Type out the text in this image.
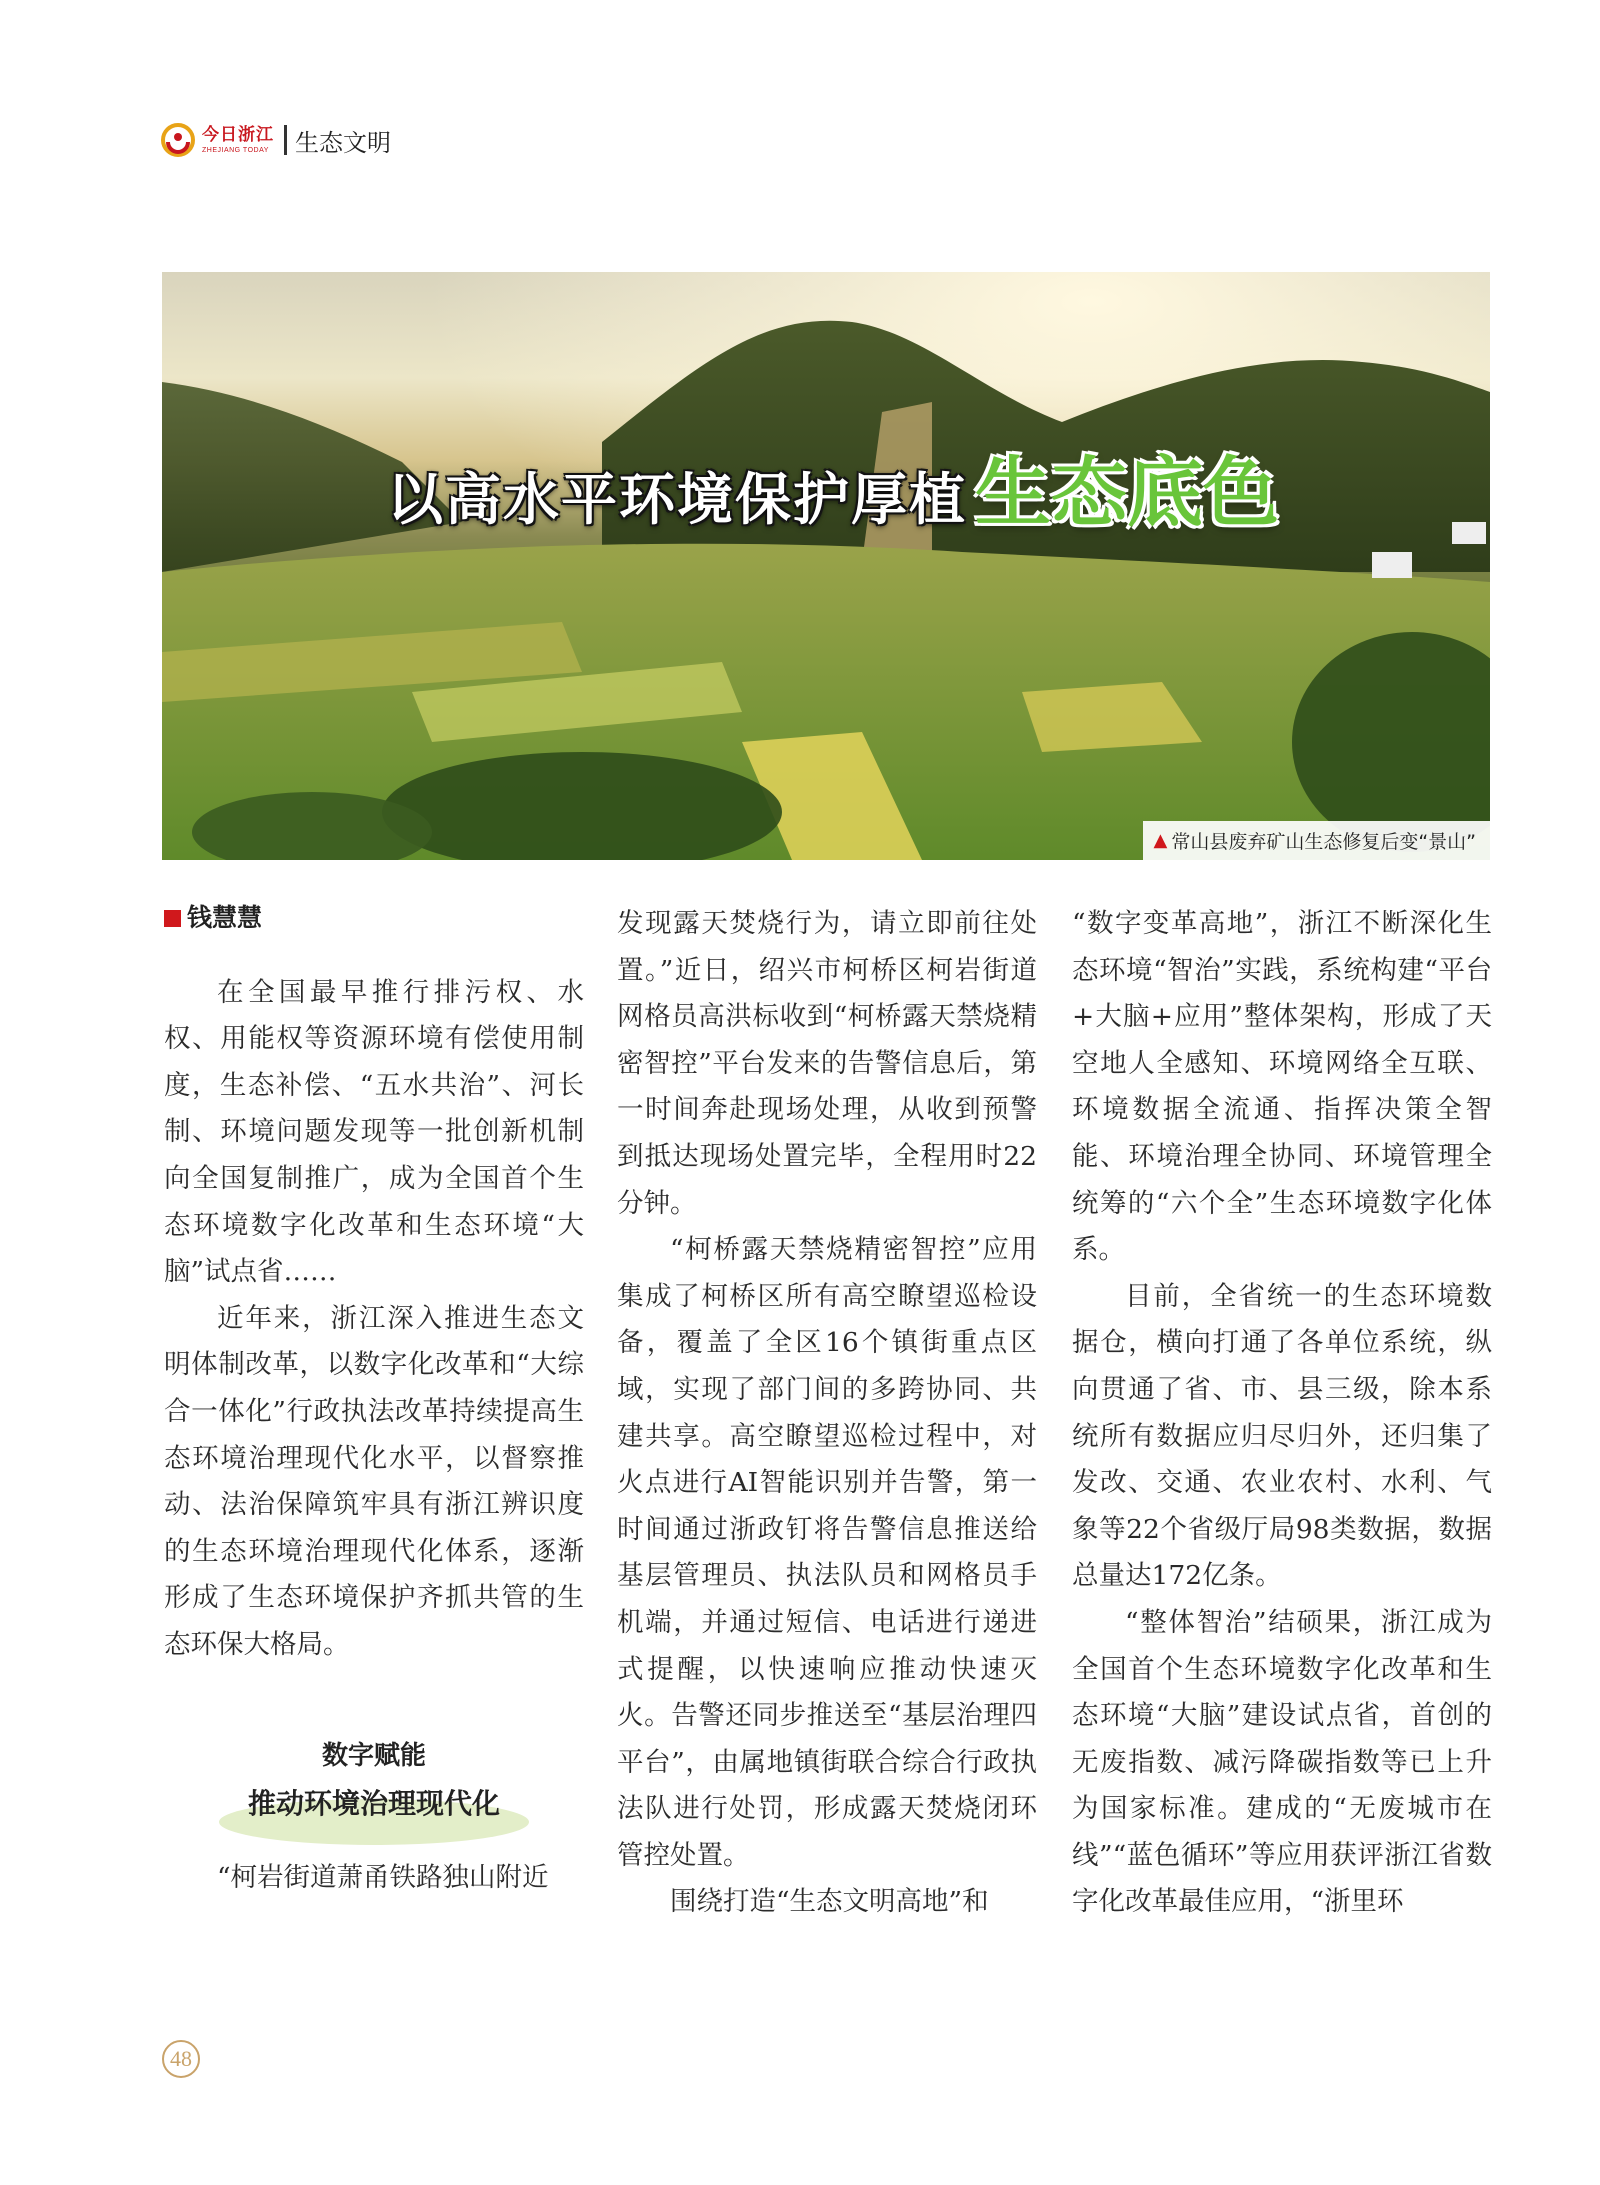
今日浙江
ZHEJIANG TODAY 生态文明
以高水平环境保护厚植 生态底色
▲ 常山县废弃矿山生态修复后变“景山”
钱慧慧

在全国最早推行排污权、水权、用能权等资源环境有偿使用制度，生态补偿、“五水共治”、河长制、环境问题发现等一批创新机制向全国复制推广，成为全国首个生态环境数字化改革和生态环境“大脑”试点省……

近年来，浙江深入推进生态文明体制改革，以数字化改革和“大综合一体化”行政执法改革持续提高生态环境治理现代化水平，以督察推动、法治保障筑牢具有浙江辨识度的生态环境治理现代化体系，逐渐形成了生态环境保护齐抓共管的生态环保大格局。

数字赋能
推动环境治理现代化

“柯岩街道萧甬铁路独山附近

发现露天焚烧行为，请立即前往处置。”近日，绍兴市柯桥区柯岩街道网格员高洪标收到“柯桥露天禁烧精密智控”平台发来的告警信息后，第一时间奔赴现场处理，从收到预警到抵达现场处置完毕，全程用时22分钟。

“柯桥露天禁烧精密智控”应用集成了柯桥区所有高空瞭望巡检设备，覆盖了全区16个镇街重点区域，实现了部门间的多跨协同、共建共享。高空瞭望巡检过程中，对火点进行AI智能识别并告警，第一时间通过浙政钉将告警信息推送给基层管理员、执法队员和网格员手机端，并通过短信、电话进行递进式提醒，以快速响应推动快速灭火。告警还同步推送至“基层治理四平台”，由属地镇街联合综合行政执法队进行处罚，形成露天焚烧闭环管控处置。

围绕打造“生态文明高地”和

“数字变革高地”，浙江不断深化生态环境“智治”实践，系统构建“平台+大脑+应用”整体架构，形成了天空地人全感知、环境网络全互联、环境数据全流通、指挥决策全智能、环境治理全协同、环境管理全统筹的“六个全”生态环境数字化体系。

目前，全省统一的生态环境数据仓，横向打通了各单位系统，纵向贯通了省、市、县三级，除本系统所有数据应归尽归外，还归集了发改、交通、农业农村、水利、气象等22个省级厅局98类数据，数据总量达172亿条。

“整体智治”结硕果，浙江成为全国首个生态环境数字化改革和生态环境“大脑”建设试点省，首创的无废指数、减污降碳指数等已上升为国家标准。建成的“无废城市在线”“蓝色循环”等应用获评浙江省数字化改革最佳应用，“浙里环

48
